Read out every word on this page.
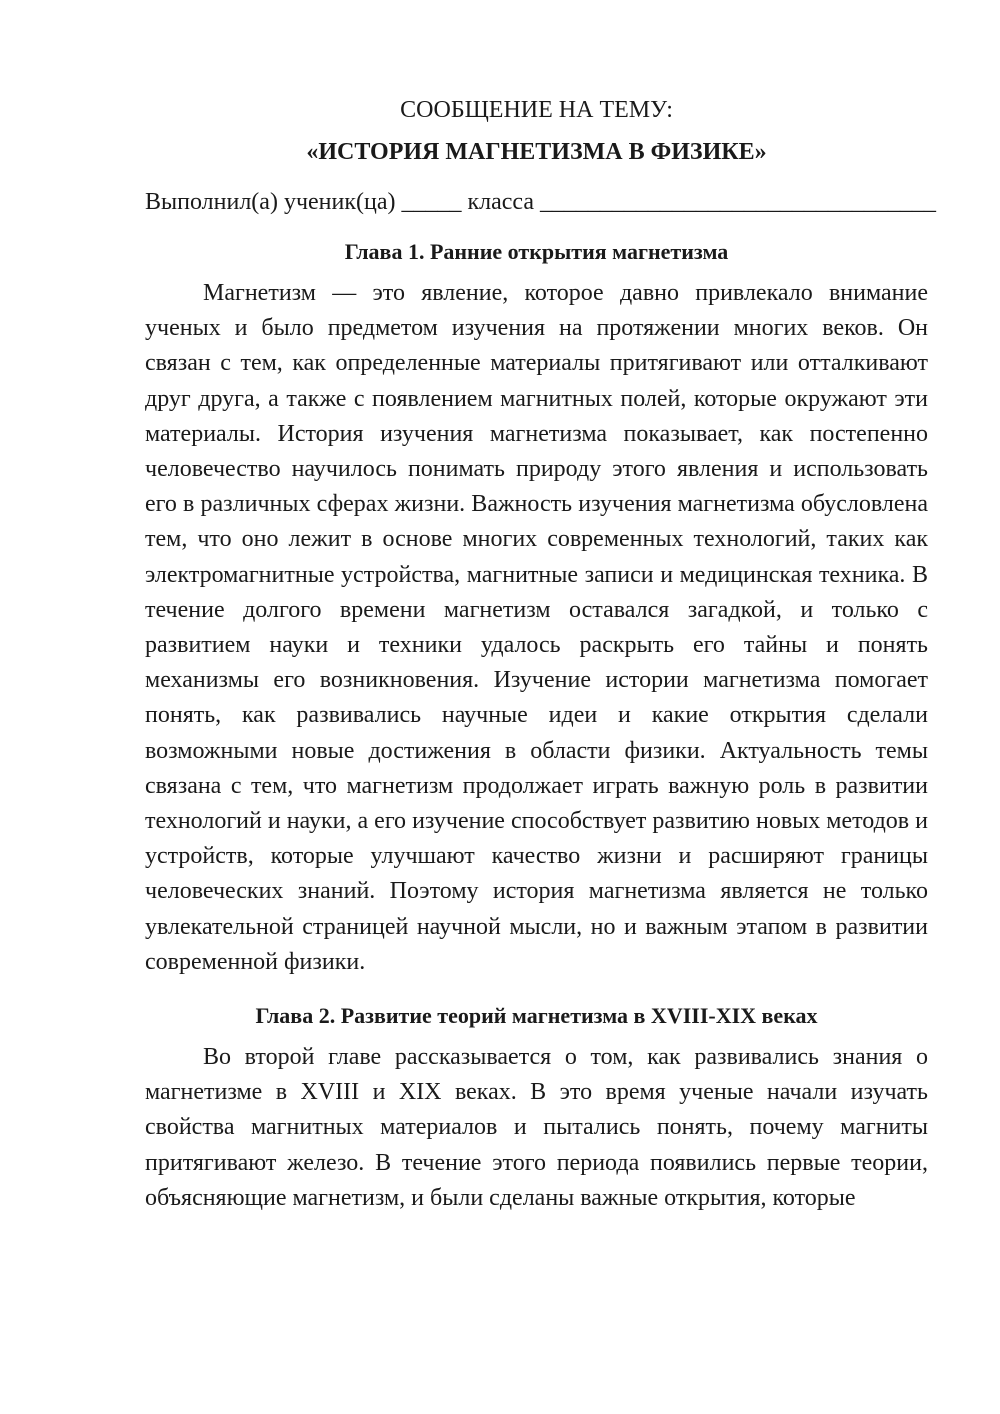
СООБЩЕНИЕ НА ТЕМУ:

«ИСТОРИЯ МАГНЕТИЗМА В ФИЗИКЕ»

Выполнил(а) ученик(ца) _____ класса _________________________________

Глава 1. Ранние открытия магнетизма

Магнетизм — это явление, которое давно привлекало внимание ученых и было предметом изучения на протяжении многих веков. Он связан с тем, как определенные материалы притягивают или отталкивают друг друга, а также с появлением магнитных полей, которые окружают эти материалы. История изучения магнетизма показывает, как постепенно человечество научилось понимать природу этого явления и использовать его в различных сферах жизни. Важность изучения магнетизма обусловлена тем, что оно лежит в основе многих современных технологий, таких как электромагнитные устройства, магнитные записи и медицинская техника. В течение долгого времени магнетизм оставался загадкой, и только с развитием науки и техники удалось раскрыть его тайны и понять механизмы его возникновения. Изучение истории магнетизма помогает понять, как развивались научные идеи и какие открытия сделали возможными новые достижения в области физики. Актуальность темы связана с тем, что магнетизм продолжает играть важную роль в развитии технологий и науки, а его изучение способствует развитию новых методов и устройств, которые улучшают качество жизни и расширяют границы человеческих знаний. Поэтому история магнетизма является не только увлекательной страницей научной мысли, но и важным этапом в развитии современной физики.

Глава 2. Развитие теорий магнетизма в XVIII-XIX веках

Во второй главе рассказывается о том, как развивались знания о магнетизме в XVIII и XIX веках. В это время ученые начали изучать свойства магнитных материалов и пытались понять, почему магниты притягивают железо. В течение этого периода появились первые теории, объясняющие магнетизм, и были сделаны важные открытия, которые
